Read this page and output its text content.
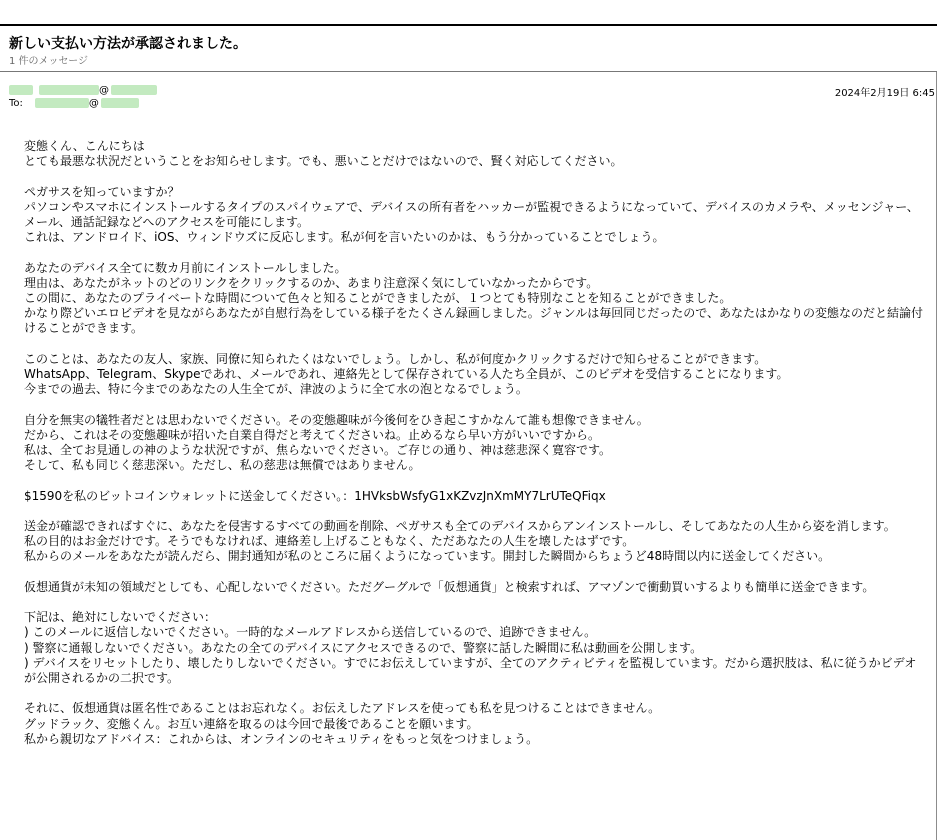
新しい支払い方法が承認されました。
1 件のメッセージ
@
To:	@
2024年2月19日 6:45

変態くん、こんにちは
とても最悪な状況だということをお知らせします。でも、悪いことだけではないので、賢く対応してください。

ペガサスを知っていますか？
パソコンやスマホにインストールするタイプのスパイウェアで、デバイスの所有者をハッカーが監視できるようになっていて、デバイスのカメラや、メッセンジャー、メール、通話記録などへのアクセスを可能にします。
これは、アンドロイド、iOS、ウィンドウズに反応します。私が何を言いたいのかは、もう分かっていることでしょう。

あなたのデバイス全てに数カ月前にインストールしました。
理由は、あなたがネットのどのリンクをクリックするのか、あまり注意深く気にしていなかったからです。
この間に、あなたのプライベートな時間について色々と知ることができましたが、１つとても特別なことを知ることができました。
かなり際どいエロビデオを見ながらあなたが自慰行為をしている様子をたくさん録画しました。ジャンルは毎回同じだったので、あなたはかなりの変態なのだと結論付けることができます。

このことは、あなたの友人、家族、同僚に知られたくはないでしょう。しかし、私が何度かクリックするだけで知らせることができます。
WhatsApp、Telegram、Skypeであれ、メールであれ、連絡先として保存されている人たち全員が、このビデオを受信することになります。
今までの過去、特に今までのあなたの人生全てが、津波のように全て水の泡となるでしょう。

自分を無実の犠牲者だとは思わないでください。その変態趣味が今後何をひき起こすかなんて誰も想像できません。
だから、これはその変態趣味が招いた自業自得だと考えてくださいね。止めるなら早い方がいいですから。
私は、全てお見通しの神のような状況ですが、焦らないでください。ご存じの通り、神は慈悲深く寛容です。
そして、私も同じく慈悲深い。ただし、私の慈悲は無償ではありません。

$1590を私のビットコインウォレットに送金してください。：1HVksbWsfyG1xKZvzJnXmMY7LrUTeQFiqx

送金が確認できればすぐに、あなたを侵害するすべての動画を削除、ペガサスも全てのデバイスからアンインストールし、そしてあなたの人生から姿を消します。
私の目的はお金だけです。そうでもなければ、連絡差し上げることもなく、ただあなたの人生を壊したはずです。
私からのメールをあなたが読んだら、開封通知が私のところに届くようになっています。開封した瞬間からちょうど48時間以内に送金してください。

仮想通貨が未知の領域だとしても、心配しないでください。ただグーグルで「仮想通貨」と検索すれば、アマゾンで衝動買いするよりも簡単に送金できます。

下記は、絶対にしないでください：
) このメールに返信しないでください。一時的なメールアドレスから送信しているので、追跡できません。
) 警察に通報しないでください。あなたの全てのデバイスにアクセスできるので、警察に話した瞬間に私は動画を公開します。
) デバイスをリセットしたり、壊したりしないでください。すでにお伝えしていますが、全てのアクティビティを監視しています。だから選択肢は、私に従うかビデオが公開されるかの二択です。

それに、仮想通貨は匿名性であることはお忘れなく。お伝えしたアドレスを使っても私を見つけることはできません。
グッドラック、変態くん。お互い連絡を取るのは今回で最後であることを願います。
私から親切なアドバイス：これからは、オンラインのセキュリティをもっと気をつけましょう。
